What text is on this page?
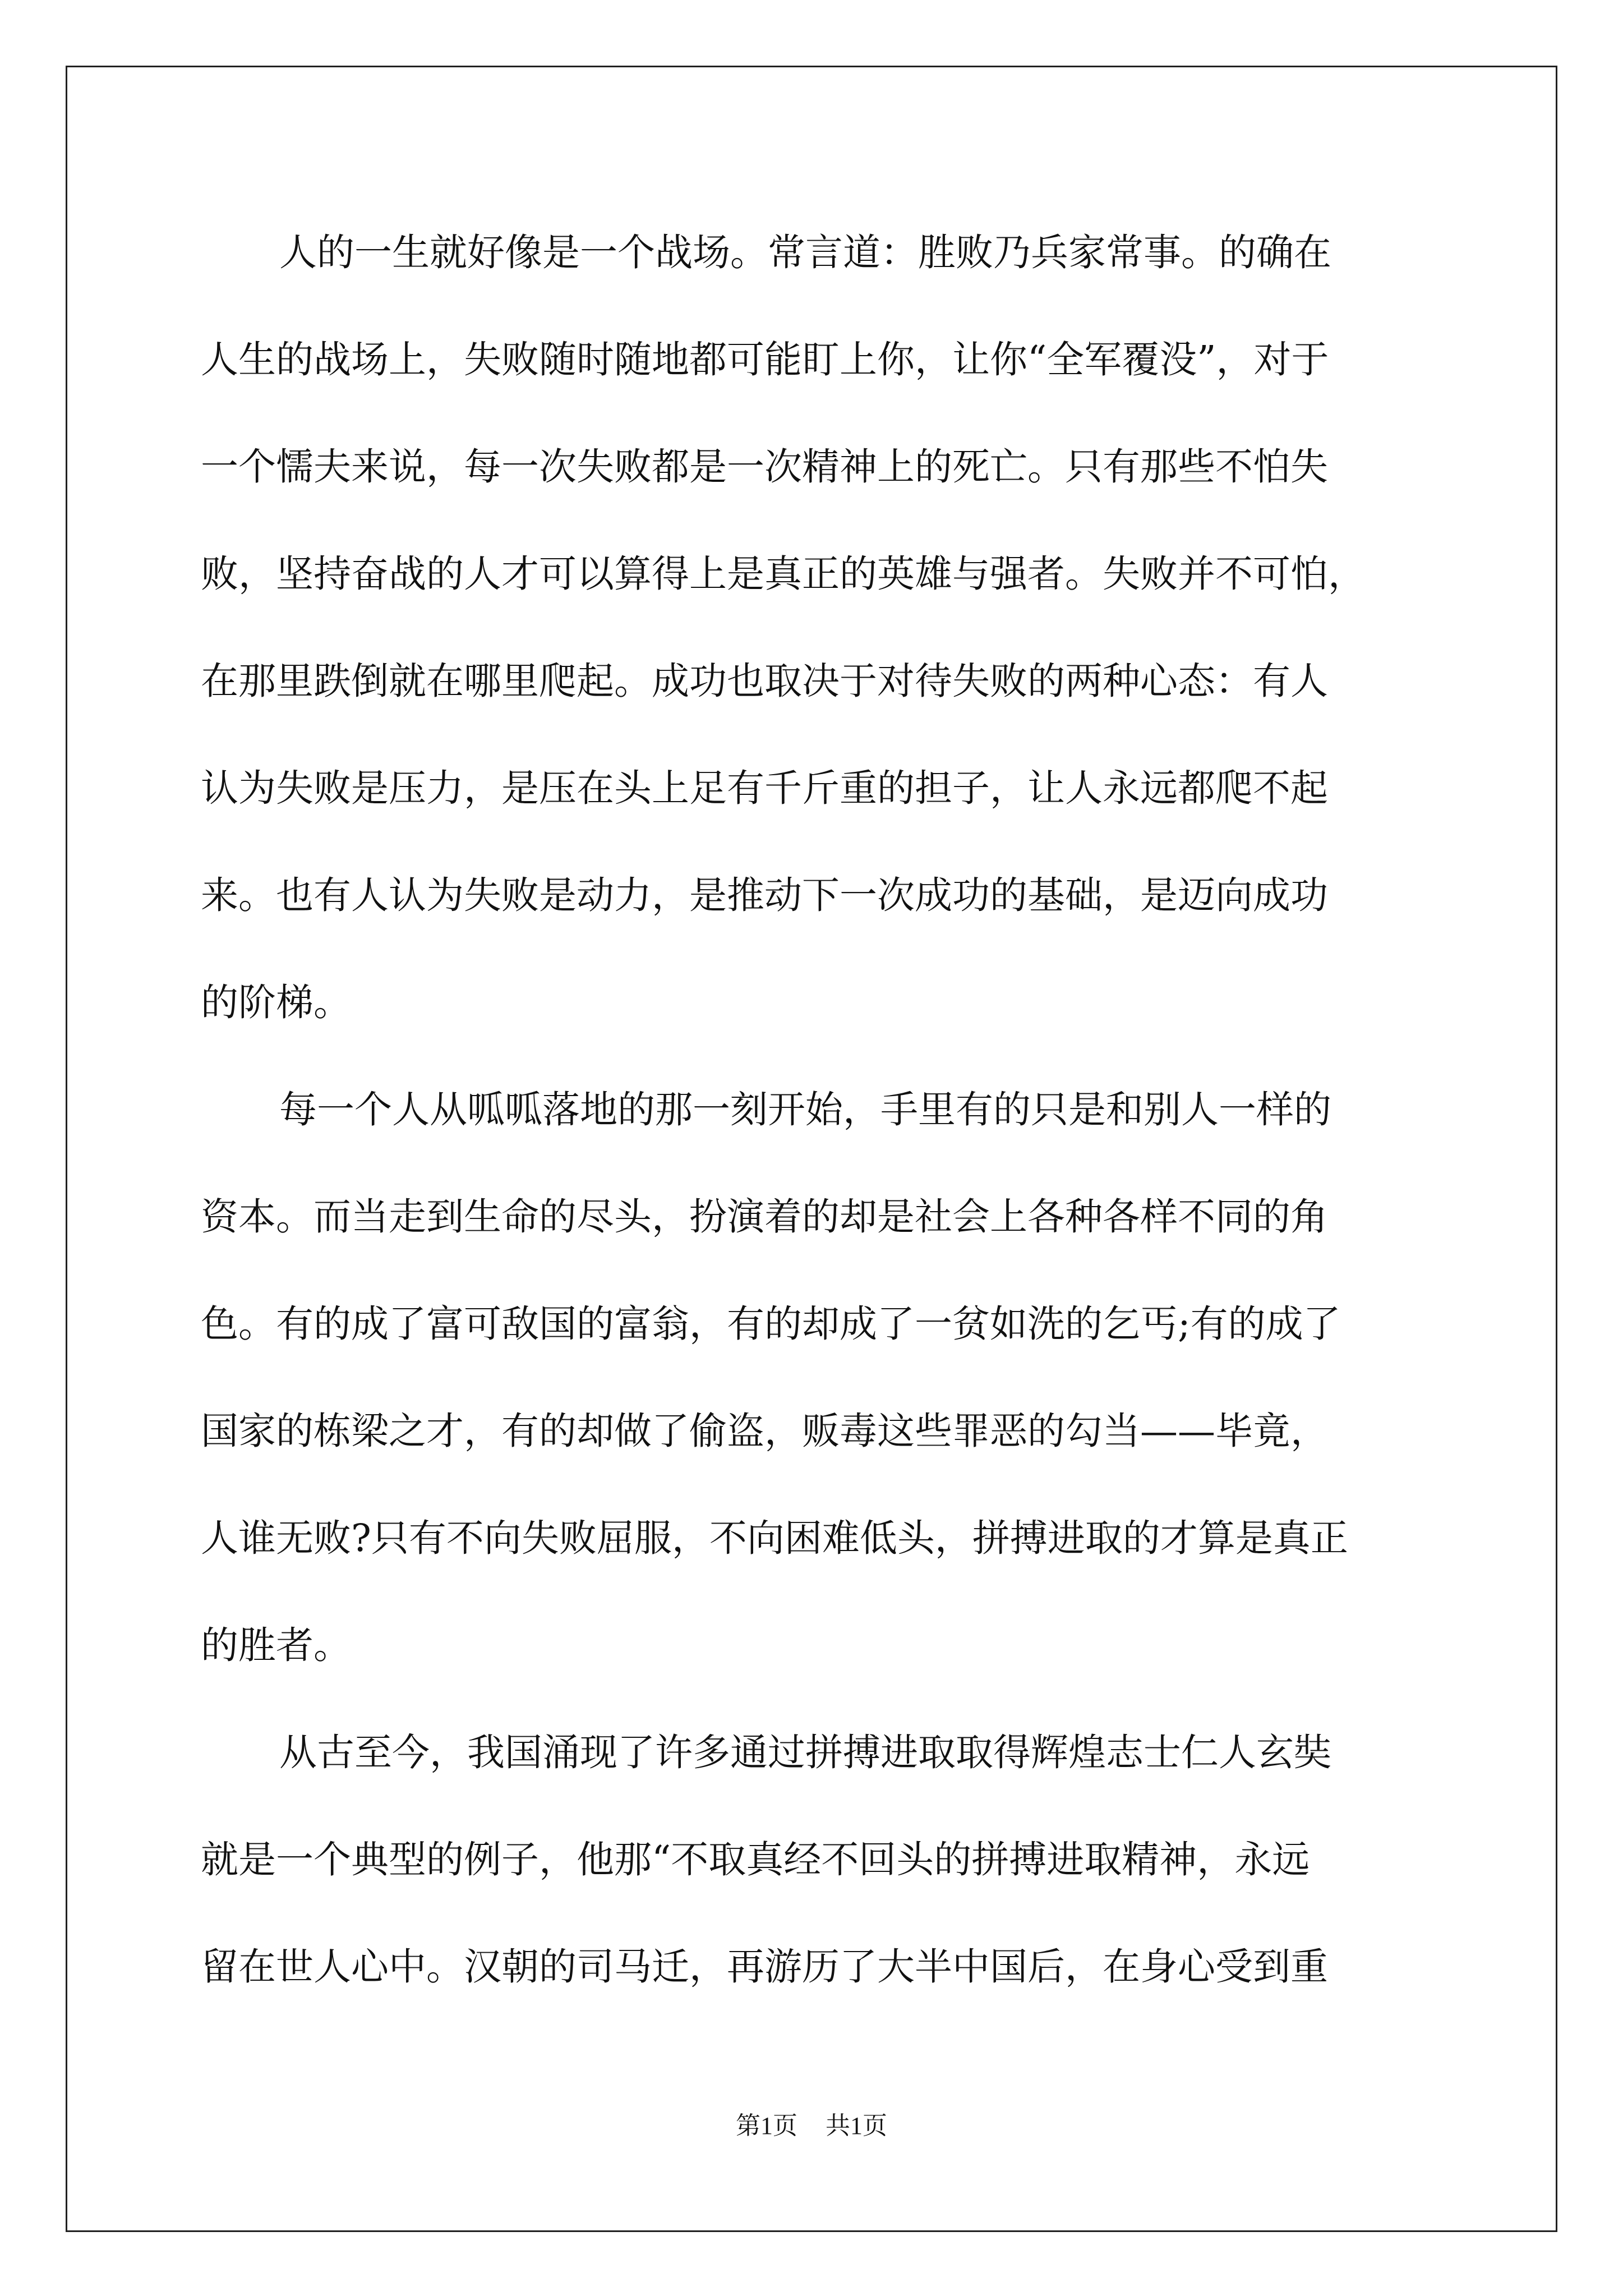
人的一生就好像是一个战场。常言道：胜败乃兵家常事。的确在
人生的战场上，失败随时随地都可能盯上你，让你“全军覆没”，对于
一个懦夫来说，每一次失败都是一次精神上的死亡。只有那些不怕失
败，坚持奋战的人才可以算得上是真正的英雄与强者。失败并不可怕，
在那里跌倒就在哪里爬起。成功也取决于对待失败的两种心态：有人
认为失败是压力，是压在头上足有千斤重的担子，让人永远都爬不起
来。也有人认为失败是动力，是推动下一次成功的基础，是迈向成功
的阶梯。
每一个人从呱呱落地的那一刻开始，手里有的只是和别人一样的
资本。而当走到生命的尽头，扮演着的却是社会上各种各样不同的角
色。有的成了富可敌国的富翁，有的却成了一贫如洗的乞丐;有的成了
国家的栋梁之才，有的却做了偷盗，贩毒这些罪恶的勾当——毕竟，
人谁无败?只有不向失败屈服，不向困难低头，拼搏进取的才算是真正
的胜者。
从古至今，我国涌现了许多通过拼搏进取取得辉煌志士仁人玄奘
就是一个典型的例子，他那“不取真经不回头的拼搏进取精神，永远
留在世人心中。汉朝的司马迁，再游历了大半中国后，在身心受到重
第1页 共1页
